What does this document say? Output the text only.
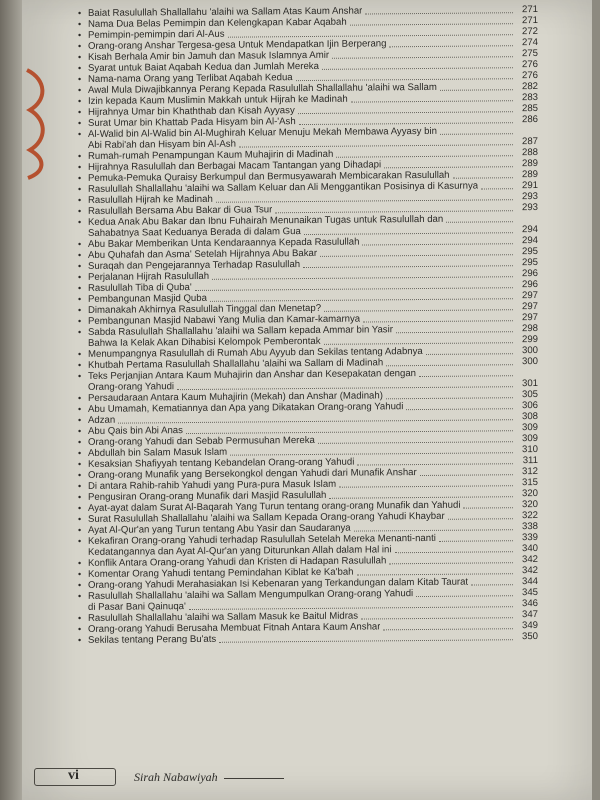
• Baiat Rasulullah Shallallahu 'alaihi wa Sallam Atas Kaum Anshar	271
• Nama Dua Belas Pemimpin dan Kelengkapan Kabar Aqabah	271
• Pemimpin-pemimpin dari Al-Aus	272
• Orang-orang Anshar Tergesa-gesa Untuk Mendapatkan Ijin Berperang	274
• Kisah Berhala Amir bin Jamuh dan Masuk Islamnya Amir	275
• Syarat untuk Baiat Aqabah Kedua dan Jumlah Mereka	276
• Nama-nama Orang yang Terlibat Aqabah Kedua	276
• Awal Mula Diwajibkannya Perang Kepada Rasulullah Shallallahu 'alaihi wa Sallam	282
• Izin kepada Kaum Muslimin Makkah untuk Hijrah ke Madinah	283
• Hijrahnya Umar bin Khaththab dan Kisah Ayyasy	285
• Surat Umar bin Khattab Pada Hisyam bin Al-'Ash	286
• Al-Walid bin Al-Walid bin Al-Mughirah Keluar Menuju Mekah Membawa Ayyasy bin
Abi Rabi'ah dan Hisyam bin Al-Ash	287
• Rumah-rumah Penampungan Kaum Muhajirin di Madinah	288
• Hijrahnya Rasulullah dan Berbagai Macam Tantangan yang Dihadapi	289
• Pemuka-Pemuka Quraisy Berkumpul dan Bermusyawarah Membicarakan Rasulullah	289
• Rasulullah Shallallahu 'alaihi wa Sallam Keluar dan Ali Menggantikan Posisinya di Kasurnya	291
• Rasulullah Hijrah ke Madinah	293
• Rasulullah Bersama Abu Bakar di Gua Tsur	293
• Kedua Anak Abu Bakar dan Ibnu Fuhairah Menunaikan Tugas untuk Rasulullah dan
Sahabatnya Saat Keduanya Berada di dalam Gua	294
• Abu Bakar Memberikan Unta Kendaraannya Kepada Rasulullah	294
• Abu Quhafah dan Asma' Setelah Hijrahnya Abu Bakar	295
• Suraqah dan Pengejarannya Terhadap Rasulullah	295
• Perjalanan Hijrah Rasulullah	296
• Rasulullah Tiba di Quba'	296
• Pembangunan Masjid Quba	297
• Dimanakah Akhirnya Rasulullah Tinggal dan Menetap?	297
• Pembangunan Masjid Nabawi Yang Mulia dan Kamar-kamarnya	297
• Sabda Rasulullah Shallallahu 'alaihi wa Sallam kepada Ammar bin Yasir	298
Bahwa Ia Kelak Akan Dihabisi Kelompok Pemberontak	299
• Menumpangnya Rasulullah di Rumah Abu Ayyub dan Sekilas tentang Adabnya	300
• Khutbah Pertama Rasulullah Shallallahu 'alaihi wa Sallam di Madinah	300
• Teks Perjanjian Antara Kaum Muhajirin dan Anshar dan Kesepakatan dengan
Orang-orang Yahudi	301
• Persaudaraan Antara Kaum Muhajirin (Mekah) dan Anshar (Madinah)	305
• Abu Umamah, Kematiannya dan Apa yang Dikatakan Orang-orang Yahudi	306
• Adzan	308
• Abu Qais bin Abi Anas	309
• Orang-orang Yahudi dan Sebab Permusuhan Mereka	309
• Abdullah bin Salam Masuk Islam	310
• Kesaksian Shafiyyah tentang Kebandelan Orang-orang Yahudi	311
• Orang-orang Munafik yang Bersekongkol dengan Yahudi dari Munafik Anshar	312
• Di antara Rahib-rahib Yahudi yang Pura-pura Masuk Islam	315
• Pengusiran Orang-orang Munafik dari Masjid Rasulullah	320
• Ayat-ayat dalam Surat Al-Baqarah Yang Turun tentang orang-orang Munafik dan Yahudi	320
• Surat Rasulullah Shallallahu 'alaihi wa Sallam Kepada Orang-orang Yahudi Khaybar	322
• Ayat Al-Qur'an yang Turun tentang Abu Yasir dan Saudaranya	338
• Kekafiran Orang-orang Yahudi terhadap Rasulullah Setelah Mereka Menanti-nanti	339
Kedatangannya dan Ayat Al-Qur'an yang Diturunkan Allah dalam Hal ini	340
• Konflik Antara Orang-orang Yahudi dan Kristen di Hadapan Rasulullah	342
• Komentar Orang Yahudi tentang Pemindahan Kiblat ke Ka'bah	342
• Orang-orang Yahudi Merahasiakan Isi Kebenaran yang Terkandungan dalam Kitab Taurat	344
• Rasulullah Shallallahu 'alaihi wa Sallam Mengumpulkan Orang-orang Yahudi	345
di Pasar Bani Qainuqa'	346
• Rasulullah Shallallahu 'alaihi wa Sallam Masuk ke Baitul Midras	347
• Orang-orang Yahudi Berusaha Membuat Fitnah Antara Kaum Anshar	349
• Sekilas tentang Perang Bu'ats	350
vi	Sirah Nabawiyah
